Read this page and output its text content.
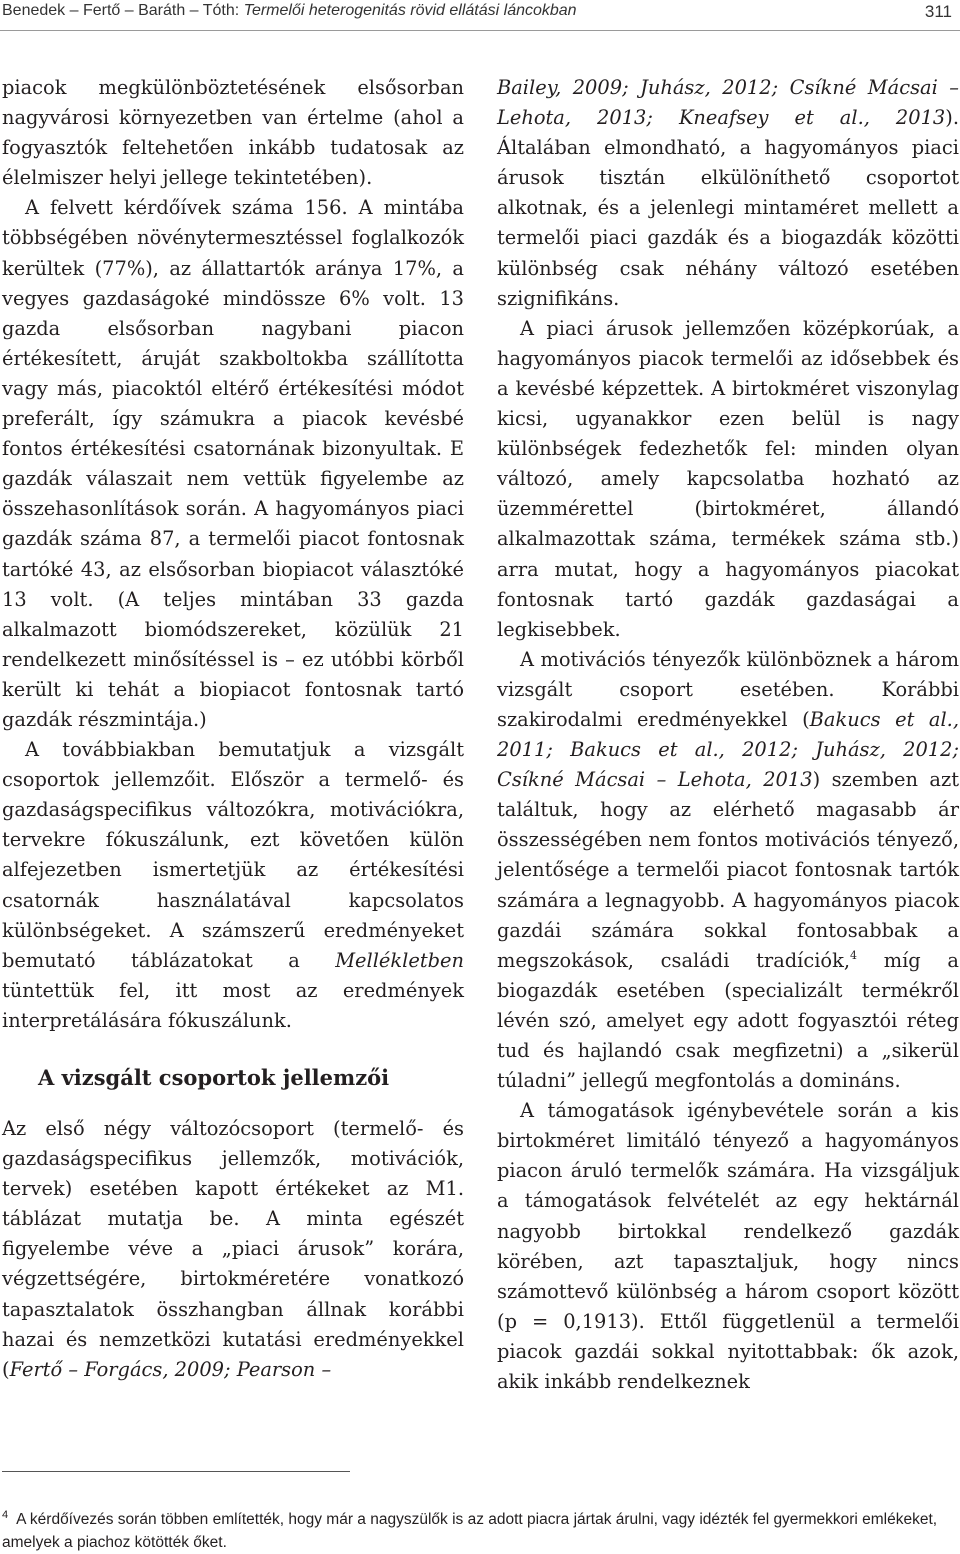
Benedek – Fertő – Baráth – Tóth: Termelői heterogenitás rövid ellátási láncokban	311

piacok megkülönböztetésének elsősorban nagyvárosi környezetben van értelme (ahol a fogyasztók feltehetően inkább tudatosak az élelmiszer helyi jellege tekintetében).

A felvett kérdőívek száma 156. A mintába többségében növénytermesztéssel foglalkozók kerültek (77%), az állattartók aránya 17%, a vegyes gazdaságoké mindössze 6% volt. 13 gazda elsősorban nagybani piacon értékesített, áruját szakboltokba szállította vagy más, piacoktól eltérő értékesítési módot preferált, így számukra a piacok kevésbé fontos értékesítési csatornának bizonyultak. E gazdák válaszait nem vettük figyelembe az összehasonlítások során. A hagyományos piaci gazdák száma 87, a termelői piacot fontosnak tartóké 43, az elsősorban biopiacot választóké 13 volt. (A teljes mintában 33 gazda alkalmazott biomódszereket, közülük 21 rendelkezett minősítéssel is – ez utóbbi körből került ki tehát a biopiacot fontosnak tartó gazdák részmintája.)

A továbbiakban bemutatjuk a vizsgált csoportok jellemzőit. Először a termelő- és gazdaságspecifikus változókra, motivációkra, tervekre fókuszálunk, ezt követően külön alfejezetben ismertetjük az értékesítési csatornák használatával kapcsolatos különbségeket. A számszerű eredményeket bemutató táblázatokat a Mellékletben tüntettük fel, itt most az eredmények interpretálására fókuszálunk.

A vizsgált csoportok jellemzői

Az első négy változócsoport (termelő- és gazdaságspecifikus jellemzők, motivációk, tervek) esetében kapott értékeket az M1. táblázat mutatja be. A minta egészét figyelembe véve a „piaci árusok” korára, végzettségére, birtokméretére vonatkozó tapasztalatok összhangban állnak korábbi hazai és nemzetközi kutatási eredményekkel (Fertő – Forgács, 2009; Pearson –

Bailey, 2009; Juhász, 2012; Csíkné Mácsai – Lehota, 2013; Kneafsey et al., 2013). Általában elmondható, a hagyományos piaci árusok tisztán elkülöníthető csoportot alkotnak, és a jelenlegi mintaméret mellett a termelői piaci gazdák és a biogazdák közötti különbség csak néhány változó esetében szignifikáns.

A piaci árusok jellemzően középkorúak, a hagyományos piacok termelői az idősebbek és a kevésbé képzettek. A birtokméret viszonylag kicsi, ugyanakkor ezen belül is nagy különbségek fedezhetők fel: minden olyan változó, amely kapcsolatba hozható az üzemmérettel (birtokméret, állandó alkalmazottak száma, termékek száma stb.) arra mutat, hogy a hagyományos piacokat fontosnak tartó gazdák gazdaságai a legkisebbek.

A motivációs tényezők különböznek a három vizsgált csoport esetében. Korábbi szakirodalmi eredményekkel (Bakucs et al., 2011; Bakucs et al., 2012; Juhász, 2012; Csíkné Mácsai – Lehota, 2013) szemben azt találtuk, hogy az elérhető magasabb ár összességében nem fontos motivációs tényező, jelentősége a termelői piacot fontosnak tartók számára a legnagyobb. A hagyományos piacok gazdái számára sokkal fontosabbak a megszokások, családi tradíciók,$^4$ míg a biogazdák esetében (specializált termékről lévén szó, amelyet egy adott fogyasztói réteg tud és hajlandó csak megfizetni) a „sikerül túladni” jellegű megfontolás a domináns.

A támogatások igénybevétele során a kis birtokméret limitáló tényező a hagyományos piacon áruló termelők számára. Ha vizsgáljuk a támogatások felvételét az egy hektárnál nagyobb birtokkal rendelkező gazdák körében, azt tapasztaljuk, hogy nincs számottevő különbség a három csoport között (p = 0,1913). Ettől függetlenül a termelői piacok gazdái sokkal nyitottabbak: ők azok, akik inkább rendelkeznek

$^4$ A kérdőívezés során többen említették, hogy már a nagyszülők is az adott piacra jártak árulni, vagy idézték fel gyermekkori emlékeket, amelyek a piachoz kötötték őket.
